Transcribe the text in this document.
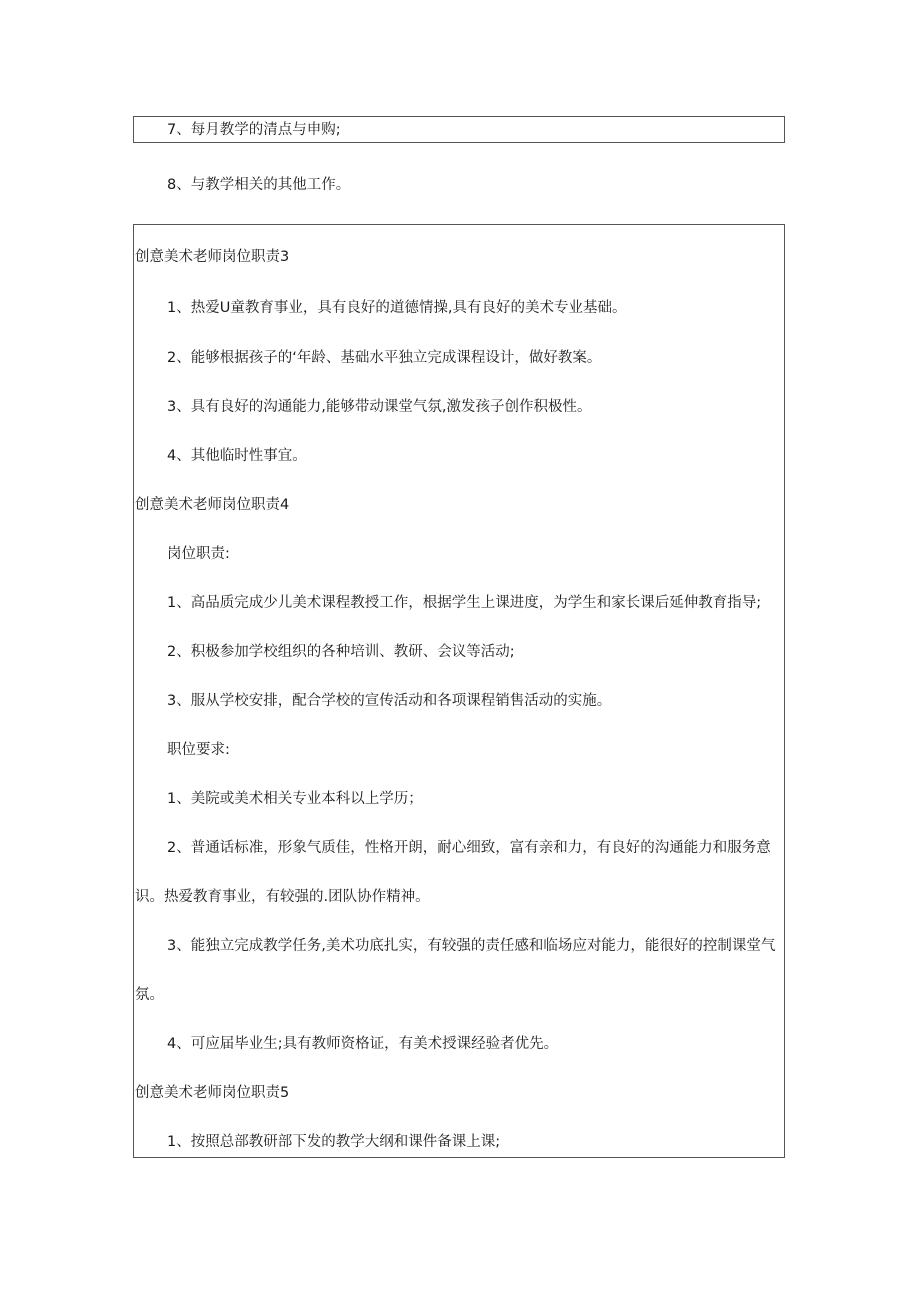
7、每月教学的清点与申购;
8、与教学相关的其他工作。
创意美术老师岗位职责3
1、热爱U童教育事业，具有良好的道德情操,具有良好的美术专业基础。
2、能够根据孩子的‘年龄、基础水平独立完成课程设计，做好教案。
3、具有良好的沟通能力,能够带动课堂气氛,激发孩子创作积极性。
4、其他临时性事宜。
创意美术老师岗位职责4
岗位职责:
1、高品质完成少儿美术课程教授工作，根据学生上课进度，为学生和家长课后延伸教育指导;
2、积极参加学校组织的各种培训、教研、会议等活动;
3、服从学校安排，配合学校的宣传活动和各项课程销售活动的实施。
职位要求:
1、美院或美术相关专业本科以上学历；
2、普通话标准，形象气质佳，性格开朗，耐心细致，富有亲和力，有良好的沟通能力和服务意
识。热爱教育事业，有较强的.团队协作精神。
3、能独立完成教学任务,美术功底扎实，有较强的责任感和临场应对能力，能很好的控制课堂气
氛。
4、可应届毕业生;具有教师资格证，有美术授课经验者优先。
创意美术老师岗位职责5
1、按照总部教研部下发的教学大纲和课件备课上课;
